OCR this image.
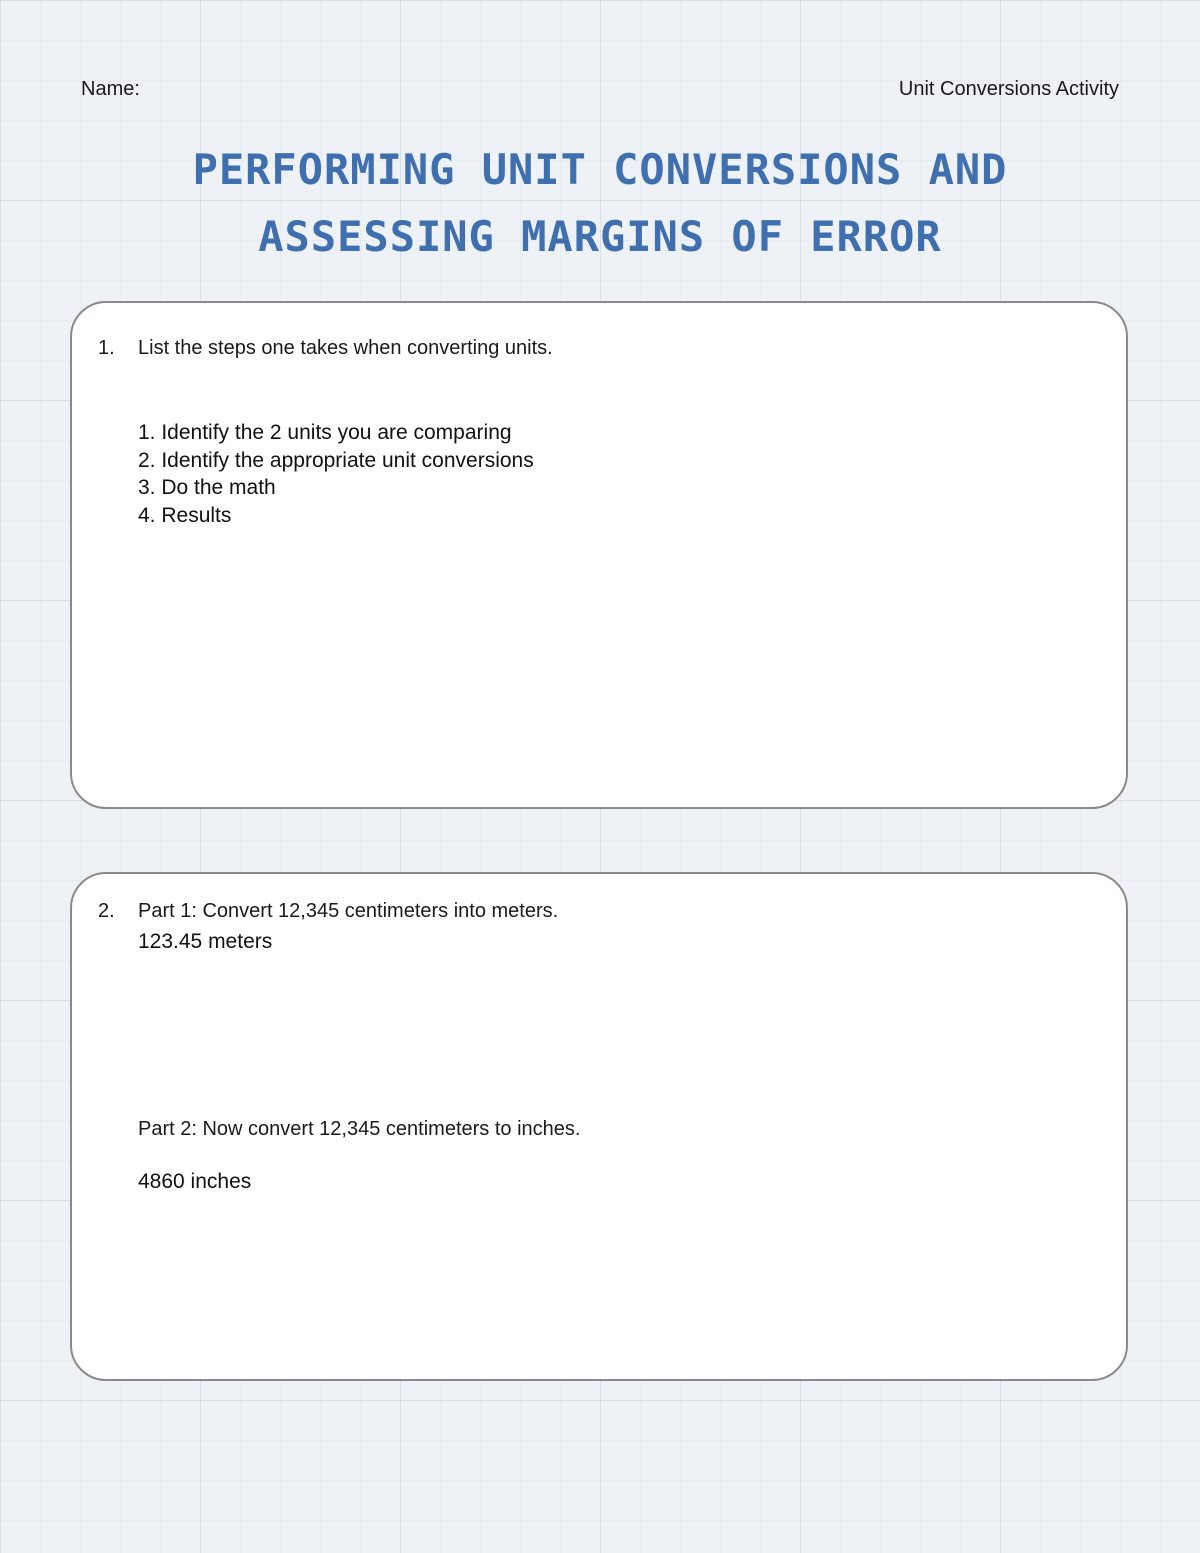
Name:	Unit Conversions Activity
PERFORMING UNIT CONVERSIONS AND
ASSESSING MARGINS OF ERROR
1. List the steps one takes when converting units.
1. Identify the 2 units you are comparing
2. Identify the appropriate unit conversions
3. Do the math
4. Results
2. Part 1: Convert 12,345 centimeters into meters.
123.45 meters
Part 2: Now convert 12,345 centimeters to inches.
4860 inches
